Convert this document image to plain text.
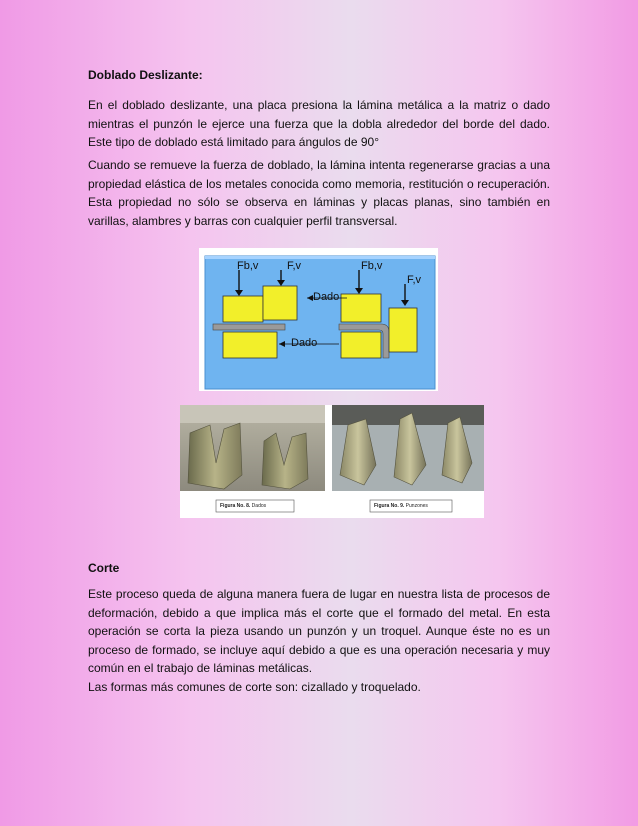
Doblado Deslizante:

En el doblado deslizante, una placa presiona la lámina metálica a la matriz o dado mientras el punzón le ejerce una fuerza que la dobla alrededor del borde del dado. Este tipo de doblado está limitado para ángulos de 90°

Cuando se remueve la fuerza de doblado, la lámina intenta regenerarse gracias a una propiedad elástica de los metales conocida como memoria, restitución o recuperación. Esta propiedad no sólo se observa en láminas y placas planas, sino también en varillas, alambres y barras con cualquier perfil transversal.

Corte

Este proceso queda de alguna manera fuera de lugar en nuestra lista de procesos de deformación, debido a que implica más el corte que el formado del metal. En esta operación se corta la pieza usando un punzón y un troquel. Aunque éste no es un proceso de formado, se incluye aquí debido a que es una operación necesaria y muy común en el trabajo de láminas metálicas.

Las formas más comunes de corte son: cizallado y troquelado.

Fb,v	F,v	Fb,v
F,v
Dado
Dado
Figura No. 8. Dados	Figura No. 9. Punzones
